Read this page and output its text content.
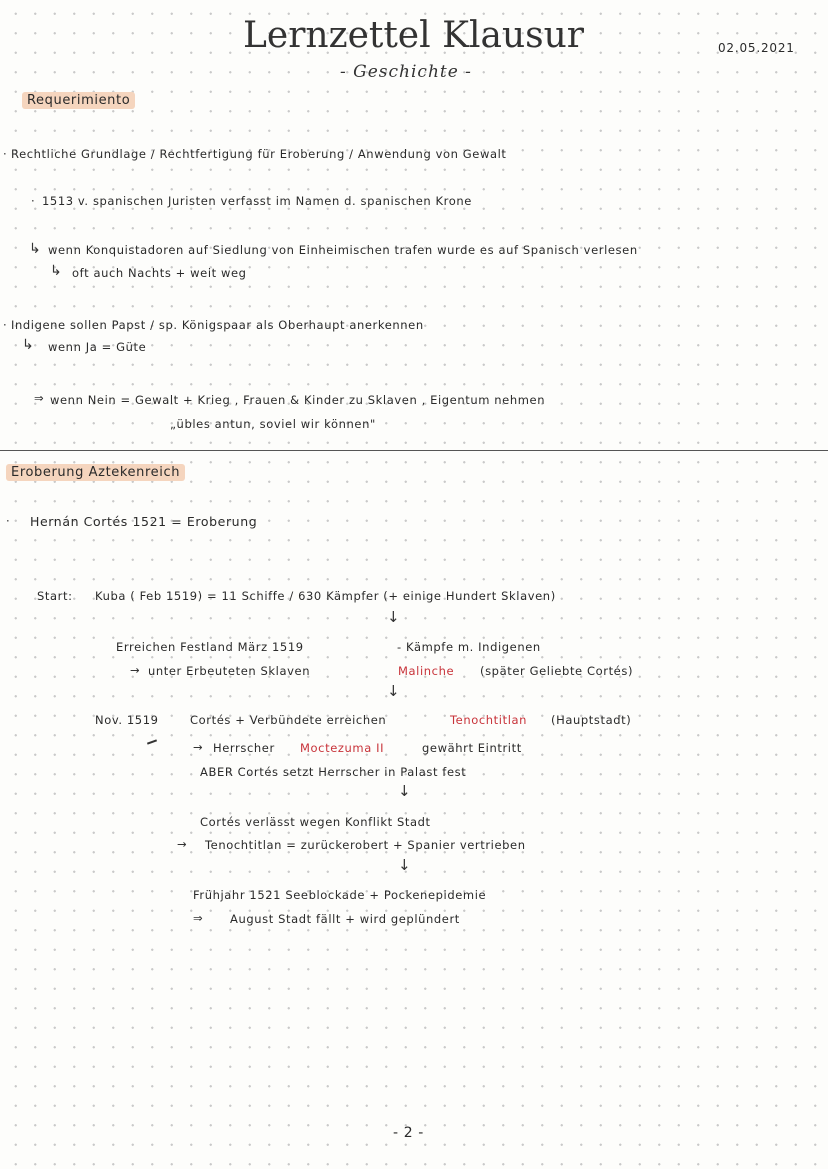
Lernzettel Klausur
- Geschichte -
02.05.2021
Requerimiento
· Rechtliche Grundlage / Rechtfertigung für Eroberung / Anwendung von Gewalt
· 1513 v. spanischen Juristen verfasst im Namen d. spanischen Krone
↳ wenn Konquistadoren auf Siedlung von Einheimischen trafen wurde es auf Spanisch verlesen
↳ oft auch Nachts + weit weg
· Indigene sollen Papst / sp. Königspaar als Oberhaupt anerkennen
↳ wenn Ja = Güte
⇒ wenn Nein = Gewalt + Krieg , Frauen & Kinder zu Sklaven , Eigentum nehmen
„übles antun, soviel wir können"
Eroberung Aztekenreich
· Hernán Cortés 1521 = Eroberung
Start: Kuba ( Feb 1519) = 11 Schiffe / 630 Kämpfer (+ einige Hundert Sklaven)
↓
Erreichen Festland März 1519	- Kämpfe m. Indigenen
→ unter Erbeuteten Sklaven	Malinche (später Geliebte Cortés)
↓
Nov. 1519	Cortés + Verbündete erreichen	Tenochtitlan (Hauptstadt)
→ Herrscher Moctezuma II	gewährt Eintritt
ABER Cortés setzt Herrscher in Palast fest
↓
Cortés verlässt wegen Konflikt Stadt
→ Tenochtitlan = zurückerobert + Spanier vertrieben
↓
Frühjahr 1521 Seeblockade + Pockenepidemie
⇒ August Stadt fällt + wird geplündert
- 2 -
